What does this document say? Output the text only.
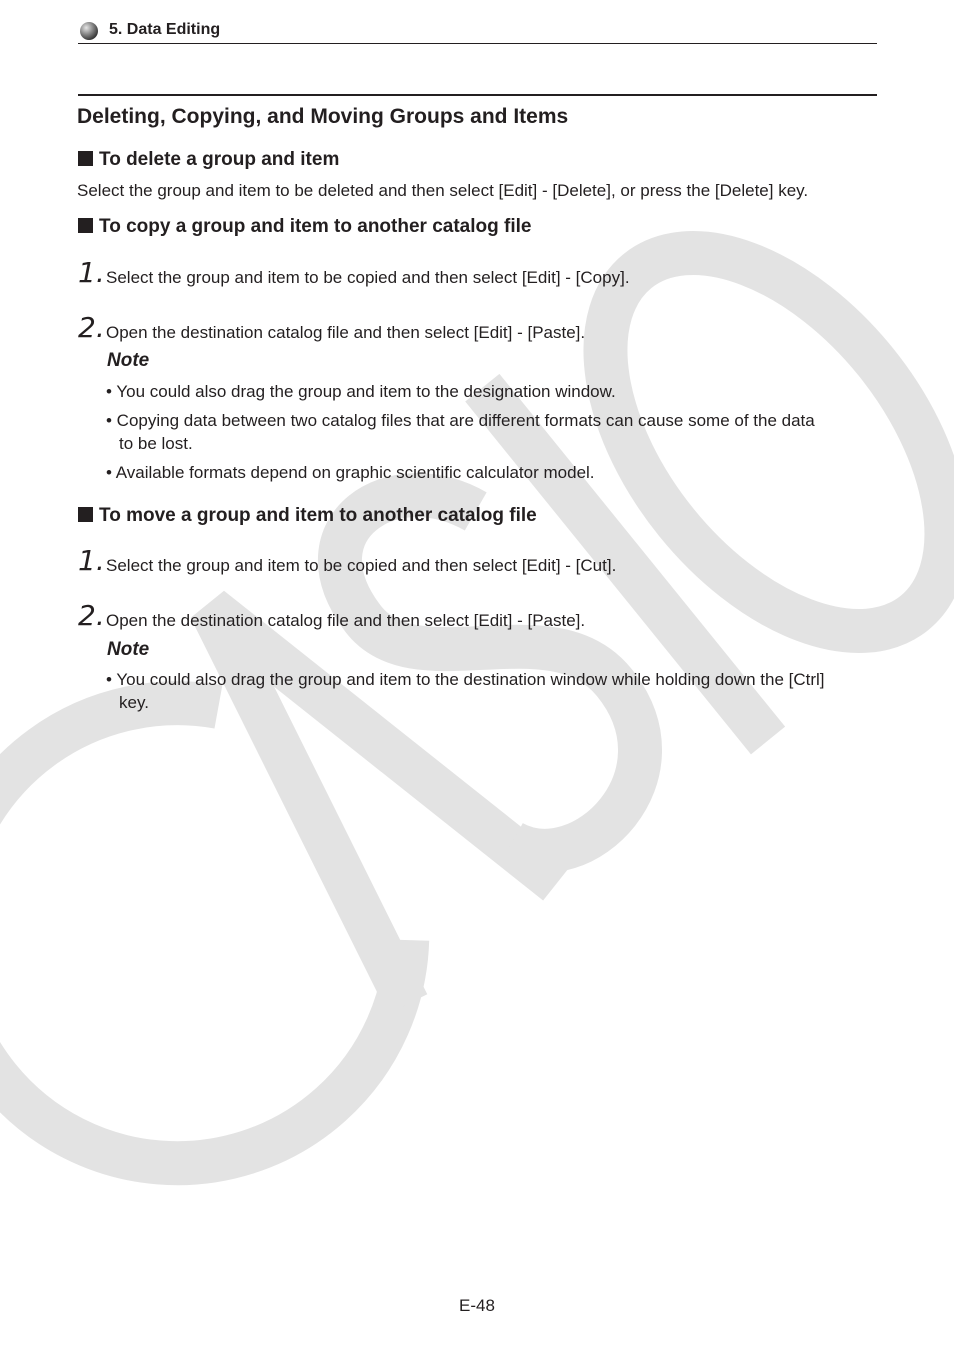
5. Data Editing
Deleting, Copying, and Moving Groups and Items
To delete a group and item
Select the group and item to be deleted and then select [Edit] - [Delete], or press the [Delete] key.
To copy a group and item to another catalog file
1. Select the group and item to be copied and then select [Edit] - [Copy].
2. Open the destination catalog file and then select [Edit] - [Paste].
Note
• You could also drag the group and item to the designation window.
• Copying data between two catalog files that are different formats can cause some of the data
to be lost.
• Available formats depend on graphic scientific calculator model.
To move a group and item to another catalog file
1. Select the group and item to be copied and then select [Edit] - [Cut].
2. Open the destination catalog file and then select [Edit] - [Paste].
Note
• You could also drag the group and item to the destination window while holding down the [Ctrl]
key.
E-48
